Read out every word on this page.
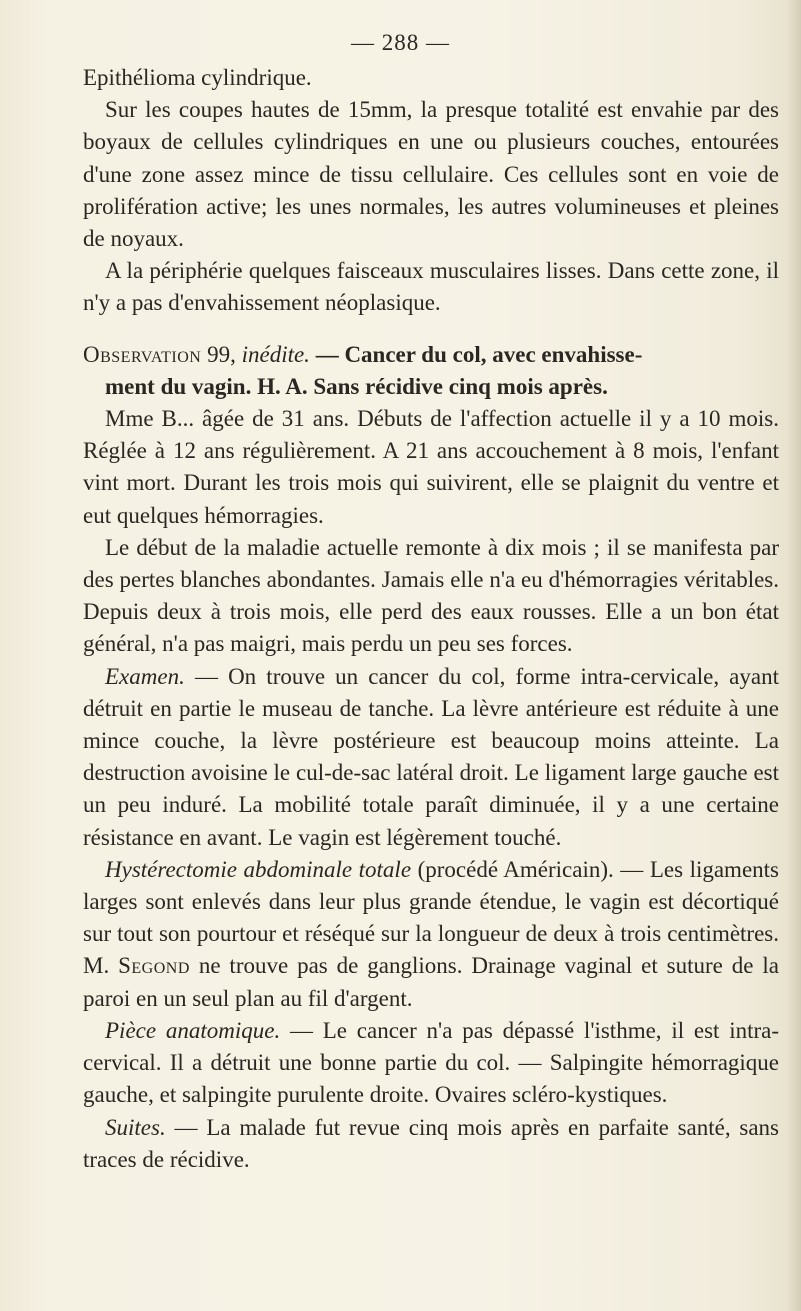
— 288 —

Epithélioma cylindrique.

Sur les coupes hautes de 15mm, la presque totalité est envahie par des boyaux de cellules cylindriques en une ou plusieurs couches, entourées d'une zone assez mince de tissu cellulaire. Ces cellules sont en voie de prolifération active; les unes normales, les autres volumineuses et pleines de noyaux.

A la périphérie quelques faisceaux musculaires lisses. Dans cette zone, il n'y a pas d'envahissement néoplasique.

Observation 99, inédite. — Cancer du col, avec envahisse-
ment du vagin. H. A. Sans récidive cinq mois après.

Mme B... âgée de 31 ans. Débuts de l'affection actuelle il y a 10 mois. Réglée à 12 ans régulièrement. A 21 ans accouchement à 8 mois, l'enfant vint mort. Durant les trois mois qui suivirent, elle se plaignit du ventre et eut quelques hémorragies.

Le début de la maladie actuelle remonte à dix mois ; il se manifesta par des pertes blanches abondantes. Jamais elle n'a eu d'hémorragies véritables. Depuis deux à trois mois, elle perd des eaux rousses. Elle a un bon état général, n'a pas maigri, mais perdu un peu ses forces.

Examen. — On trouve un cancer du col, forme intra-cervicale, ayant détruit en partie le museau de tanche. La lèvre antérieure est réduite à une mince couche, la lèvre postérieure est beaucoup moins atteinte. La destruction avoisine le cul-de-sac latéral droit. Le ligament large gauche est un peu induré. La mobilité totale paraît diminuée, il y a une certaine résistance en avant. Le vagin est légèrement touché.

Hystérectomie abdominale totale (procédé Américain). — Les ligaments larges sont enlevés dans leur plus grande étendue, le vagin est décortiqué sur tout son pourtour et réséqué sur la longueur de deux à trois centimètres. M. Segond ne trouve pas de ganglions. Drainage vaginal et suture de la paroi en un seul plan au fil d'argent.

Pièce anatomique. — Le cancer n'a pas dépassé l'isthme, il est intra-cervical. Il a détruit une bonne partie du col. — Salpingite hémorragique gauche, et salpingite purulente droite. Ovaires scléro-kystiques.

Suites. — La malade fut revue cinq mois après en parfaite santé, sans traces de récidive.
